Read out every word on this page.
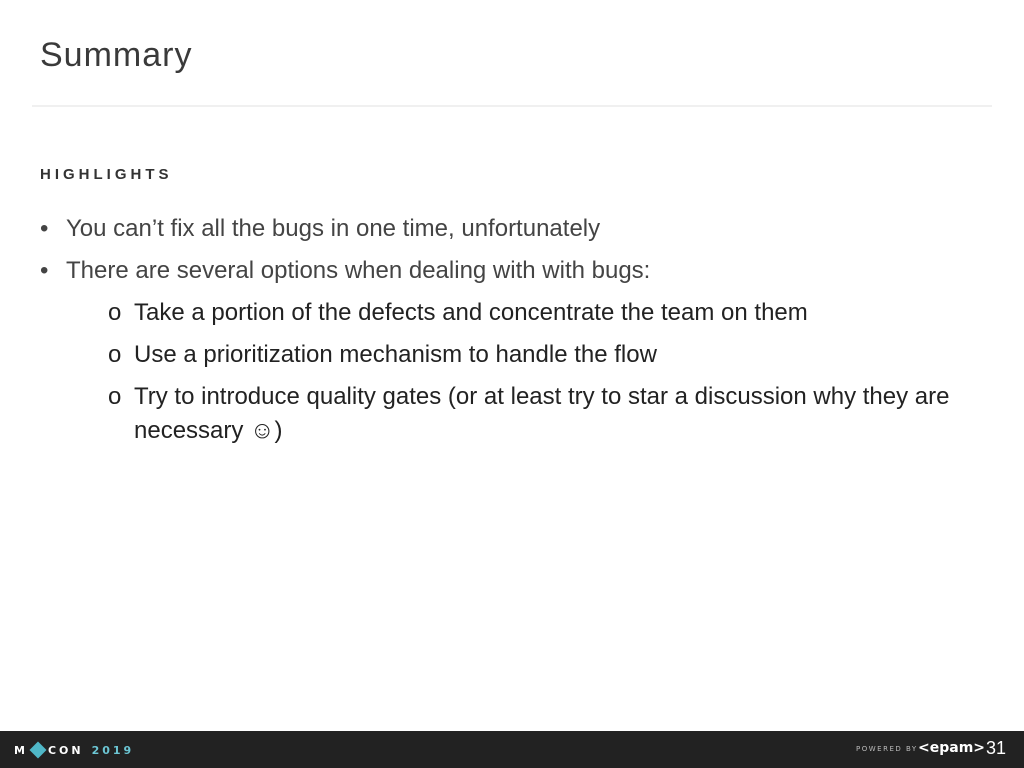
Summary
HIGHLIGHTS
• You can’t fix all the bugs in one time, unfortunately
• There are several options when dealing with with bugs:
o Take a portion of the defects and concentrate the team on them
o Use a prioritization mechanism to handle the flow
o Try to introduce quality gates (or at least try to star a discussion why they are necessary ☺)
M CON 2019	POWERED BY <epam> 31
